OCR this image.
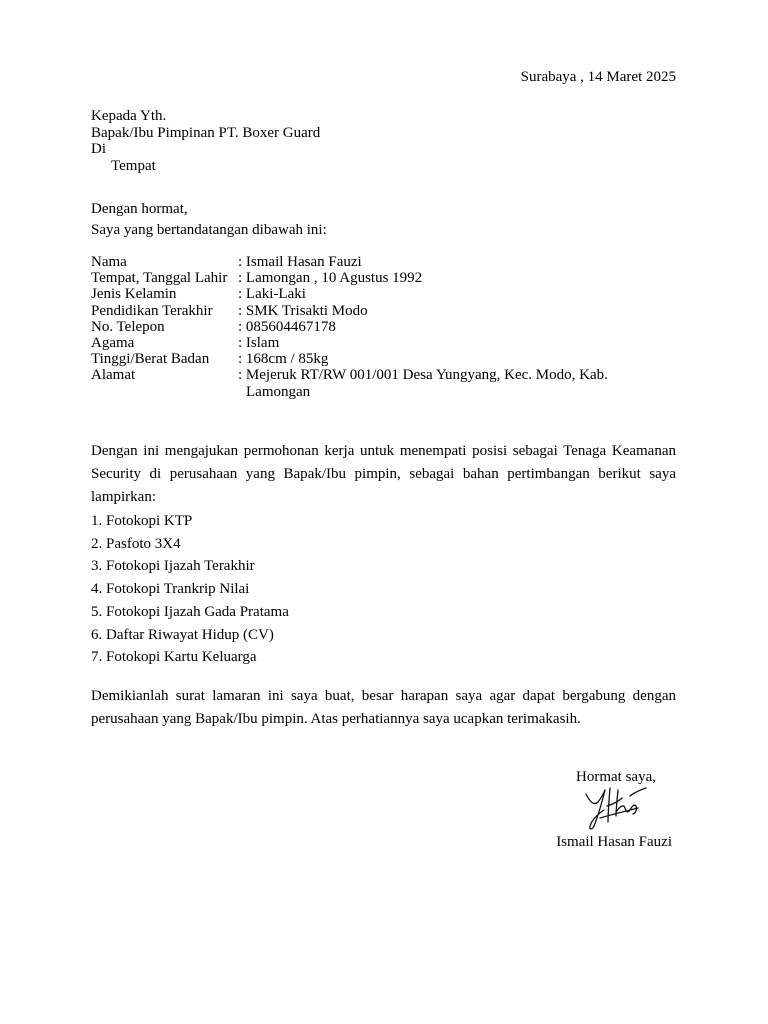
Surabaya , 14 Maret 2025
Kepada Yth.
Bapak/Ibu Pimpinan PT. Boxer Guard
Di
Tempat
Dengan hormat,
Saya yang bertandatangan dibawah ini:
Nama	: Ismail Hasan Fauzi
Tempat, Tanggal Lahir : Lamongan , 10 Agustus 1992
Jenis Kelamin	: Laki-Laki
Pendidikan Terakhir	: SMK Trisakti Modo
No. Telepon	: 085604467178
Agama	: Islam
Tinggi/Berat Badan	: 168cm / 85kg
Alamat	: Mejeruk RT/RW 001/001 Desa Yungyang, Kec. Modo, Kab.
Lamongan
Dengan ini mengajukan permohonan kerja untuk menempati posisi sebagai Tenaga Keamanan Security di perusahaan yang Bapak/Ibu pimpin, sebagai bahan pertimbangan berikut saya lampirkan:
1. Fotokopi KTP
2. Pasfoto 3X4
3. Fotokopi Ijazah Terakhir
4. Fotokopi Trankrip Nilai
5. Fotokopi Ijazah Gada Pratama
6. Daftar Riwayat Hidup (CV)
7. Fotokopi Kartu Keluarga
Demikianlah surat lamaran ini saya buat, besar harapan saya agar dapat bergabung dengan perusahaan yang Bapak/Ibu pimpin. Atas perhatiannya saya ucapkan terimakasih.
Hormat saya,
Ismail Hasan Fauzi
